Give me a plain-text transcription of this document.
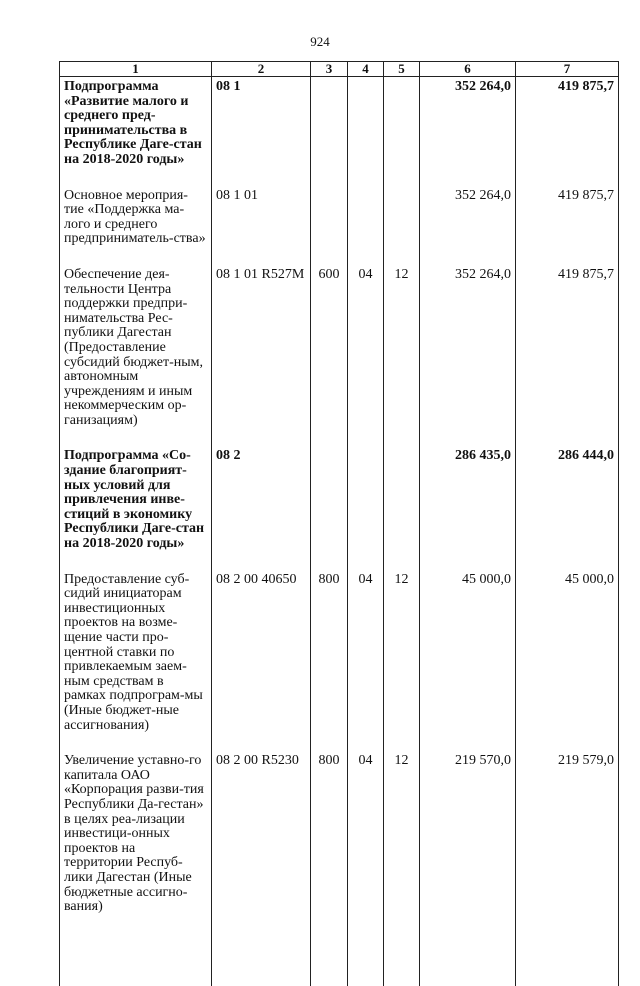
924
1	2	3	4	5	6	7
Подпрограмма «Развитие малого и среднего пред-принимательства в Республике Даге-стан на 2018-2020 годы»	08 1				352 264,0	419 875,7
Основное мероприя-тие «Поддержка ма-лого и среднего предприниматель-ства»	08 1 01				352 264,0	419 875,7
Обеспечение дея-тельности Центра поддержки предпри-нимательства Рес-публики Дагестан (Предоставление субсидий бюджет-ным, автономным учреждениям и иным некоммерческим ор-ганизациям)	08 1 01 R527M	600	04	12	352 264,0	419 875,7
Подпрограмма «Со-здание благоприят-ных условий для привлечения инве-стиций в экономику Республики Даге-стан на 2018-2020 годы»	08 2				286 435,0	286 444,0
Предоставление суб-сидий инициаторам инвестиционных проектов на возме-щение части про-центной ставки по привлекаемым заем-ным средствам в рамках подпрограм-мы (Иные бюджет-ные ассигнования)	08 2 00 40650	800	04	12	45 000,0	45 000,0
Увеличение уставно-го капитала ОАО «Корпорация разви-тия Республики Да-гестан» в целях реа-лизации инвестици-онных проектов на территории Респуб-лики Дагестан (Иные бюджетные ассигно-вания)	08 2 00 R5230	800	04	12	219 570,0	219 579,0
